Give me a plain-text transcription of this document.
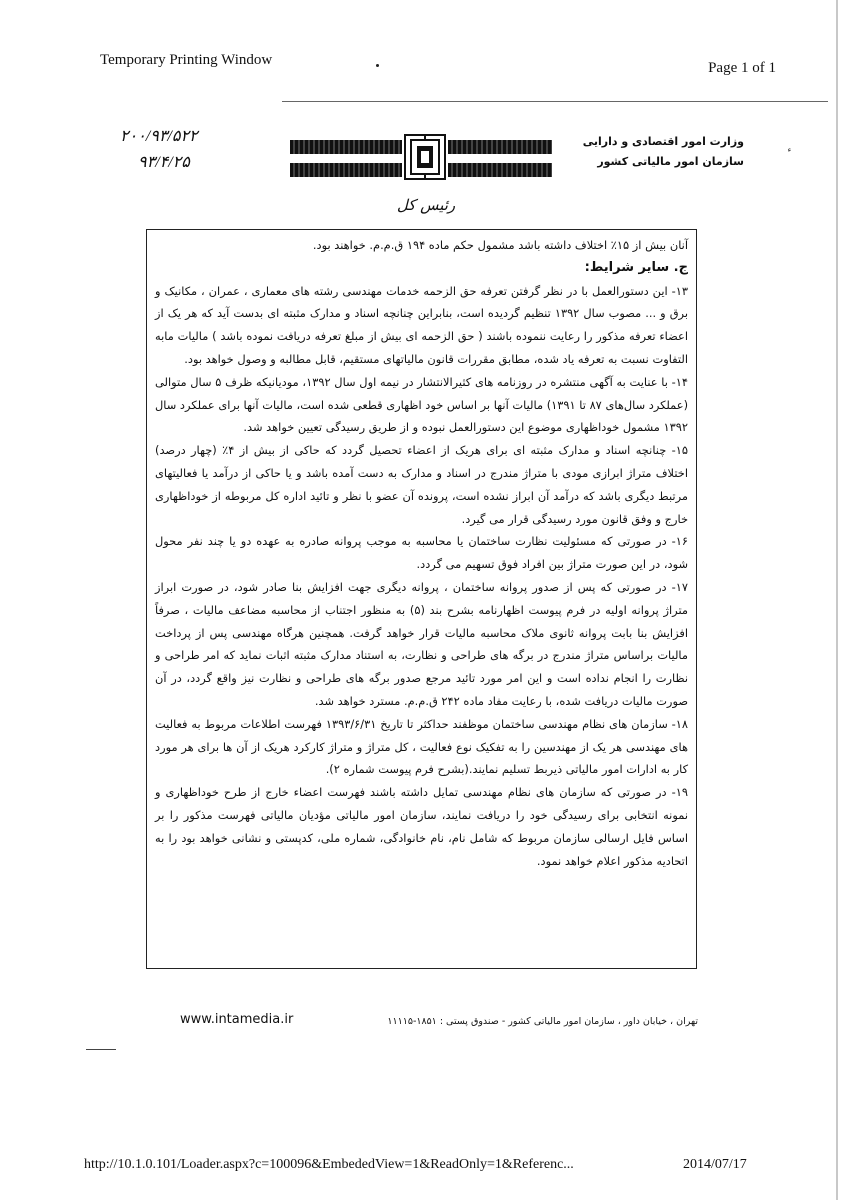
Temporary Printing Window	Page 1 of 1
۲۰۰/۹۳/۵۲۲
۹۳/۴/۲۵
وزارت امور اقتصادی و دارایی
سازمان امور مالیاتی کشور
رئیس کل

آنان بیش از ۱۵٪ اختلاف داشته باشد مشمول حکم ماده ۱۹۴ ق.م.م. خواهند بود.

ج. سایر شرایط:

۱۳- این دستورالعمل با در نظر گرفتن تعرفه حق الزحمه خدمات مهندسی رشته های معماری ، عمران ، مکانیک و برق و ... مصوب سال ۱۳۹۲ تنظیم گردیده است، بنابراین چنانچه اسناد و مدارک مثبته ای بدست آید که هر یک از اعضاء تعرفه مذکور را رعایت ننموده باشند ( حق الزحمه ای بیش از مبلغ تعرفه دریافت نموده باشد ) مالیات مابه التفاوت نسبت به تعرفه یاد شده، مطابق مقررات قانون مالیاتهای مستقیم، قابل مطالبه و وصول خواهد بود.

۱۴- با عنایت به آگهی منتشره در روزنامه های کثیرالانتشار در نیمه اول سال ۱۳۹۲، مودیانیکه ظرف ۵ سال متوالی (عملکرد سال‌های ۸۷ تا ۱۳۹۱) مالیات آنها بر اساس خود اظهاری قطعی شده است، مالیات آنها برای عملکرد سال ۱۳۹۲ مشمول خوداظهاری موضوع این دستورالعمل نبوده و از طریق رسیدگی تعیین خواهد شد.

۱۵- چنانچه اسناد و مدارک مثبته ای برای هریک از اعضاء تحصیل گردد که حاکی از بیش از ۴٪ (چهار درصد) اختلاف متراژ ابرازی مودی با متراژ مندرج در اسناد و مدارک به دست آمده باشد و یا حاکی از درآمد یا فعالیتهای مرتبط دیگری باشد که درآمد آن ابراز نشده است، پرونده آن عضو با نظر و تائید اداره کل مربوطه از خوداظهاری خارج و وفق قانون مورد رسیدگی قرار می گیرد.

۱۶- در صورتی که مسئولیت نظارت ساختمان یا محاسبه به موجب پروانه صادره به عهده دو یا چند نفر محول شود، در این صورت متراژ بین افراد فوق تسهیم می گردد.

۱۷- در صورتی که پس از صدور پروانه ساختمان ، پروانه دیگری جهت افزایش بنا صادر شود، در صورت ابراز متراژ پروانه اولیه در فرم پیوست اظهارنامه بشرح بند (۵) به منظور اجتناب از محاسبه مضاعف مالیات ، صرفاً افزایش بنا بابت پروانه ثانوی ملاک محاسبه مالیات قرار خواهد گرفت. همچنین هرگاه مهندسی پس از پرداخت مالیات براساس متراژ مندرج در برگه های طراحی و نظارت، به استناد مدارک مثبته اثبات نماید که امر طراحی و نظارت را انجام نداده است و این امر مورد تائید مرجع صدور برگه های طراحی و نظارت نیز واقع گردد، در آن صورت مالیات دریافت شده، با رعایت مفاد ماده ۲۴۲ ق.م.م. مسترد خواهد شد.

۱۸- سازمان های نظام مهندسی ساختمان موظفند حداکثر تا تاریخ ۱۳۹۳/۶/۳۱ فهرست اطلاعات مربوط به فعالیت های مهندسی هر یک از مهندسین را به تفکیک نوع فعالیت ، کل متراژ و متراژ کارکرد هریک از آن ها برای هر مورد کار به ادارات امور مالیاتی ذیربط تسلیم نمایند.(بشرح فرم پیوست شماره ۲).

۱۹- در صورتی که سازمان های نظام مهندسی تمایل داشته باشند فهرست اعضاء خارج از طرح خوداظهاری و نمونه انتخابی برای رسیدگی خود را دریافت نمایند، سازمان امور مالیاتی مؤدیان مالیاتی فهرست مذکور را بر اساس فایل ارسالی سازمان مربوط که شامل نام، نام خانوادگی، شماره ملی، کدپستی و نشانی خواهد بود را به اتحادیه مذکور اعلام خواهد نمود.

www.intamedia.ir	تهران ، خیابان داور ، سازمان امور مالیاتی کشور - صندوق پستی : ۱۸۵۱-۱۱۱۱۵
http://10.1.0.101/Loader.aspx?c=100096&EmbededView=1&ReadOnly=1&Referenc...	2014/07/17
